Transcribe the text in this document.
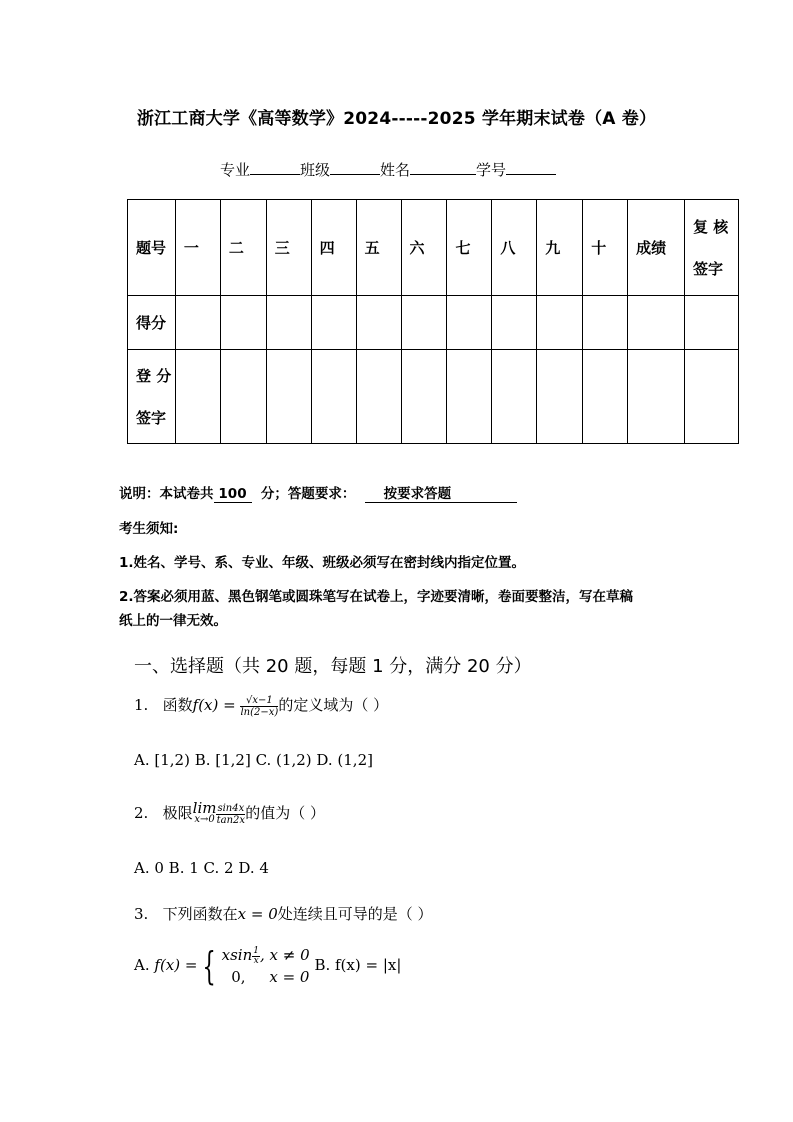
浙江工商大学《高等数学》2024-----2025 学年期末试卷（A 卷）
专业	班级	姓名	学号
题号	一	二	三	四	五	六	七	八	九	十	成绩	复 核
签字
得分												
登 分
签字												
说明：本试卷共 100 分；答题要求： 按要求答题
考生须知:
1.姓名、学号、系、专业、年级、班级必须写在密封线内指定位置。
2.答案必须用蓝、黑色钢笔或圆珠笔写在试卷上，字迹要清晰，卷面要整洁，写在草稿
纸上的一律无效。
一、选择题（共 20 题，每题 1 分，满分 20 分）
1. 函数$f(x) = \frac{√x-1}{\ln(2-x)}$ 的定义域为（ ）
A. [1,2) B. [1,2] C. (1,2) D. (1,2]
2. 极限lim
$x\to 0 \frac{\sin 4x}{\tan 2x}$ 的值为（ ）
A. 0 B. 1 C. 2 D. 4
3. 下列函数在x = 0处连续且可导的是（ ）
A. f(x) = { xsin $\frac{1}{x}$ , x ≠ 0
0, x = 0 B. f(x) = |x|
